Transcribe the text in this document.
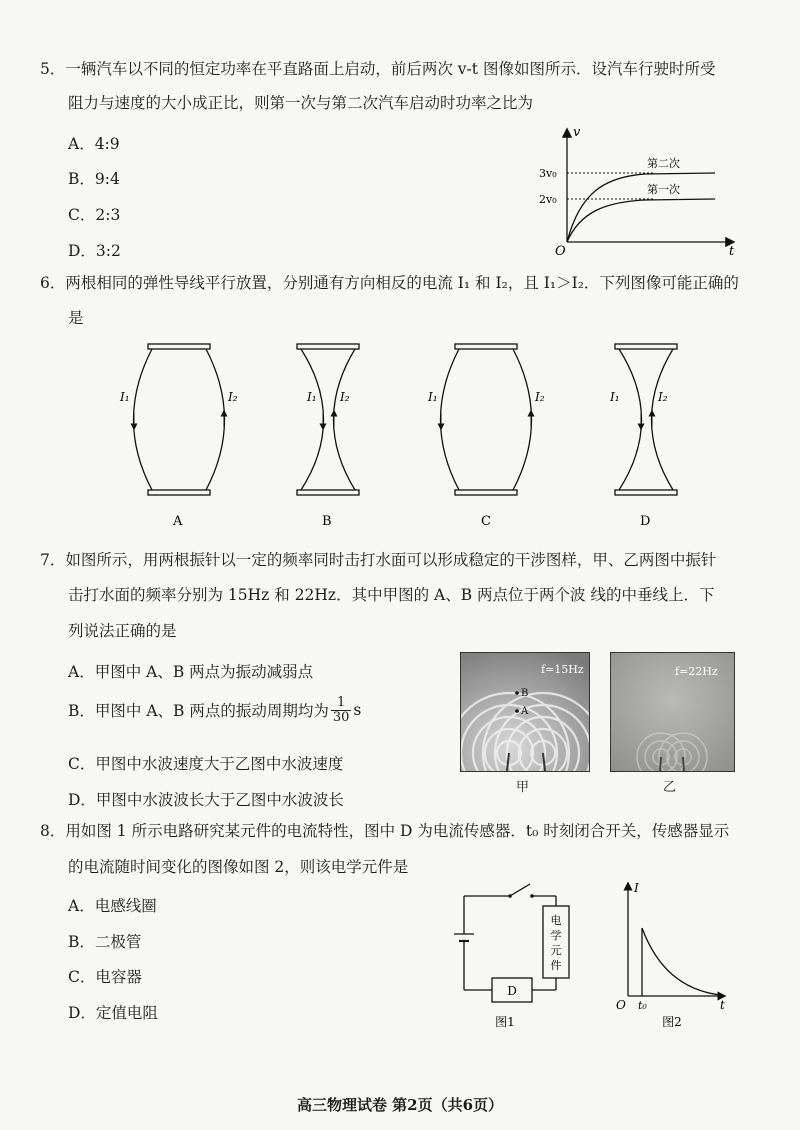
5．一辆汽车以不同的恒定功率在平直路面上启动，前后两次 v-t 图像如图所示．设汽车行驶时所受
阻力与速度的大小成正比，则第一次与第二次汽车启动时功率之比为
A．4:9
B．9:4
C．2:3
D．3:2
v
t
O
3v₀
2v₀
第二次
第一次
6．两根相同的弹性导线平行放置，分别通有方向相反的电流 I₁ 和 I₂，且 I₁＞I₂．下列图像可能正确的
是
I₁	I₂
A
I₁ I₂
B
I₁	I₂
C
I₁	I₂
D
7．如图所示，用两根振针以一定的频率同时击打水面可以形成稳定的干涉图样，甲、乙两图中振针
击打水面的频率分别为 15Hz 和 22Hz．其中甲图的 A、B 两点位于两个波 线的中垂线上．下
列说法正确的是
A．甲图中 A、B 两点为振动减弱点
B．甲图中 A、B 两点的振动周期均为 $\frac{1}{30}$ s
C．甲图中水波速度大于乙图中水波速度
D．甲图中水波波长大于乙图中水波波长
B
A
f=15Hz
甲
f=22Hz
乙
8．用如图 1 所示电路研究某元件的电流特性，图中 D 为电流传感器．t₀ 时刻闭合开关，传感器显示
的电流随时间变化的图像如图 2，则该电学元件是
A．电感线圈
B．二极管
C．电容器
D．定值电阻
电学元件
D
图1
I
t
O t₀
图2
高三物理试卷 第2页（共6页）
